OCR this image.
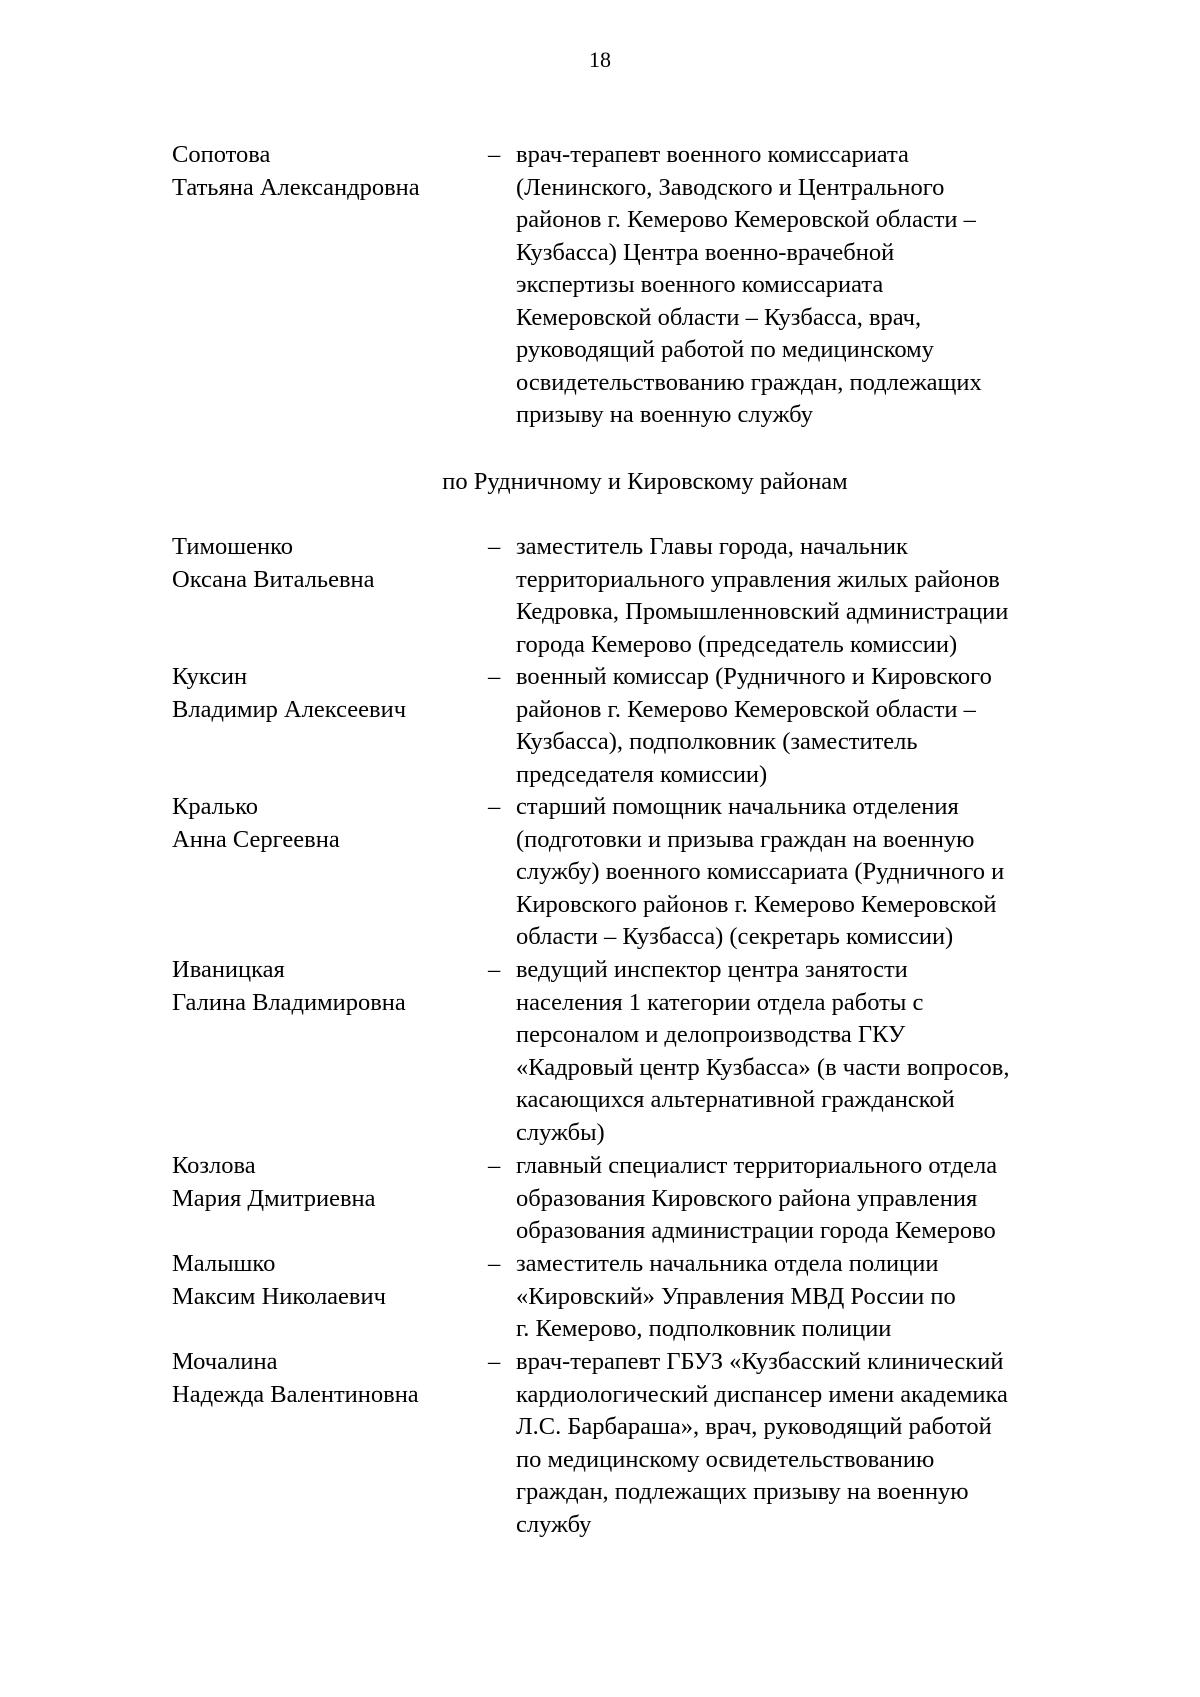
18
Сопотова
Татьяна Александровна
– врач-терапевт военного комиссариата
(Ленинского, Заводского и Центрального
районов г. Кемерово Кемеровской области –
Кузбасса) Центра военно-врачебной
экспертизы военного комиссариата
Кемеровской области – Кузбасса, врач,
руководящий работой по медицинскому
освидетельствованию граждан, подлежащих
призыву на военную службу
по Рудничному и Кировскому районам
Тимошенко
Оксана Витальевна
– заместитель Главы города, начальник
территориального управления жилых районов
Кедровка, Промышленновский администрации
города Кемерово (председатель комиссии)
Куксин
Владимир Алексеевич
– военный комиссар (Рудничного и Кировского
районов г. Кемерово Кемеровской области –
Кузбасса), подполковник (заместитель
председателя комиссии)
Кралько
Анна Сергеевна
– старший помощник начальника отделения
(подготовки и призыва граждан на военную
службу) военного комиссариата (Рудничного и
Кировского районов г. Кемерово Кемеровской
области – Кузбасса) (секретарь комиссии)
Иваницкая
Галина Владимировна
– ведущий инспектор центра занятости
населения 1 категории отдела работы с
персоналом и делопроизводства ГКУ
«Кадровый центр Кузбасса» (в части вопросов,
касающихся альтернативной гражданской
службы)
Козлова
Мария Дмитриевна
– главный специалист территориального отдела
образования Кировского района управления
образования администрации города Кемерово
Малышко
Максим Николаевич
– заместитель начальника отдела полиции
«Кировский» Управления МВД России по
г. Кемерово, подполковник полиции
Мочалина
Надежда Валентиновна
– врач-терапевт ГБУЗ «Кузбасский клинический
кардиологический диспансер имени академика
Л.С. Барбараша», врач, руководящий работой
по медицинскому освидетельствованию
граждан, подлежащих призыву на военную
службу
